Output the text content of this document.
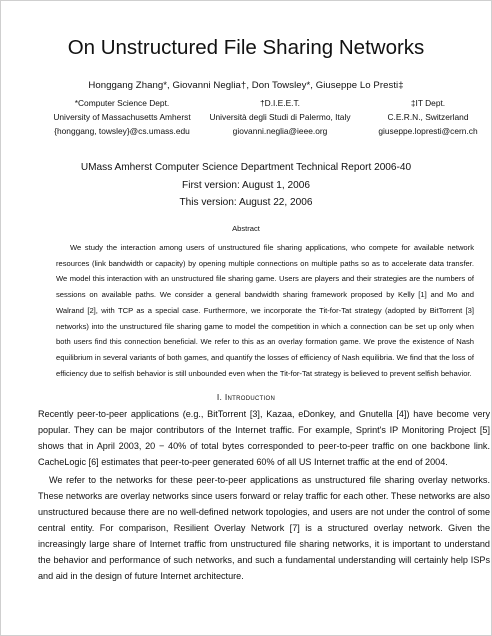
On Unstructured File Sharing Networks
Honggang Zhang*, Giovanni Neglia†, Don Towsley*, Giuseppe Lo Presti‡
*Computer Science Dept.
University of Massachusetts Amherst
{honggang, towsley}@cs.umass.edu
†D.I.E.E.T.
Università degli Studi di Palermo, Italy
giovanni.neglia@ieee.org
‡IT Dept.
C.E.R.N., Switzerland
giuseppe.lopresti@cern.ch
UMass Amherst Computer Science Department Technical Report 2006-40
First version: August 1, 2006
This version: August 22, 2006
Abstract

We study the interaction among users of unstructured file sharing applications, who compete for available network resources (link bandwidth or capacity) by opening multiple connections on multiple paths so as to accelerate data transfer. We model this interaction with an unstructured file sharing game. Users are players and their strategies are the numbers of sessions on available paths. We consider a general bandwidth sharing framework proposed by Kelly [1] and Mo and Walrand [2], with TCP as a special case. Furthermore, we incorporate the Tit-for-Tat strategy (adopted by BitTorrent [3] networks) into the unstructured file sharing game to model the competition in which a connection can be set up only when both users find this connection beneficial. We refer to this as an overlay formation game. We prove the existence of Nash equilibrium in several variants of both games, and quantify the losses of efficiency of Nash equilibria. We find that the loss of efficiency due to selfish behavior is still unbounded even when the Tit-for-Tat strategy is believed to prevent selfish behavior.

I. Introduction

Recently peer-to-peer applications (e.g., BitTorrent [3], Kazaa, eDonkey, and Gnutella [4]) have become very popular. They can be major contributors of the Internet traffic. For example, Sprint's IP Monitoring Project [5] shows that in April 2003, 20 − 40% of total bytes corresponded to peer-to-peer traffic on one backbone link. CacheLogic [6] estimates that peer-to-peer generated 60% of all US Internet traffic at the end of 2004.

We refer to the networks for these peer-to-peer applications as unstructured file sharing overlay networks. These networks are overlay networks since users forward or relay traffic for each other. These networks are also unstructured because there are no well-defined network topologies, and users are not under the control of some central entity. For comparison, Resilient Overlay Network [7] is a structured overlay network. Given the increasingly large share of Internet traffic from unstructured file sharing networks, it is important to understand the behavior and performance of such networks, and such a fundamental understanding will certainly help ISPs and aid in the design of future Internet architecture.
